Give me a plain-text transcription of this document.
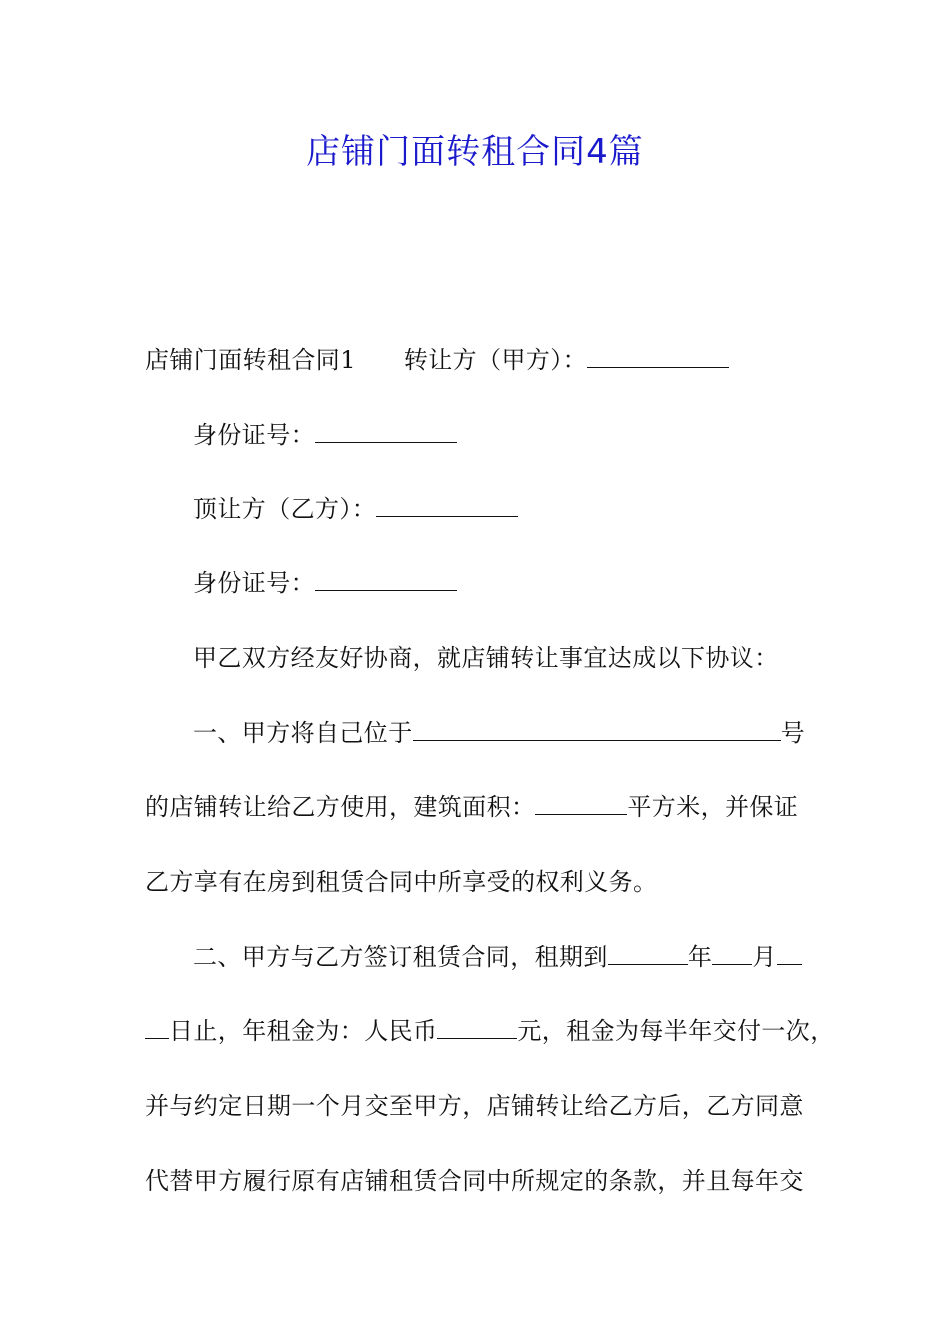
店铺门面转租合同4篇
店铺门面转租合同1 转让方（甲方）：
身份证号：
顶让方（乙方）：
身份证号：
甲乙双方经友好协商，就店铺转让事宜达成以下协议：
一、甲方将自己位于	号
的店铺转让给乙方使用，建筑面积：	平方米，并保证
乙方享有在房到租赁合同中所享受的权利义务。
二、甲方与乙方签订租赁合同，租期到	年 月
日止，年租金为：人民币	元，租金为每半年交付一次，
并与约定日期一个月交至甲方，店铺转让给乙方后，乙方同意
代替甲方履行原有店铺租赁合同中所规定的条款，并且每年交
